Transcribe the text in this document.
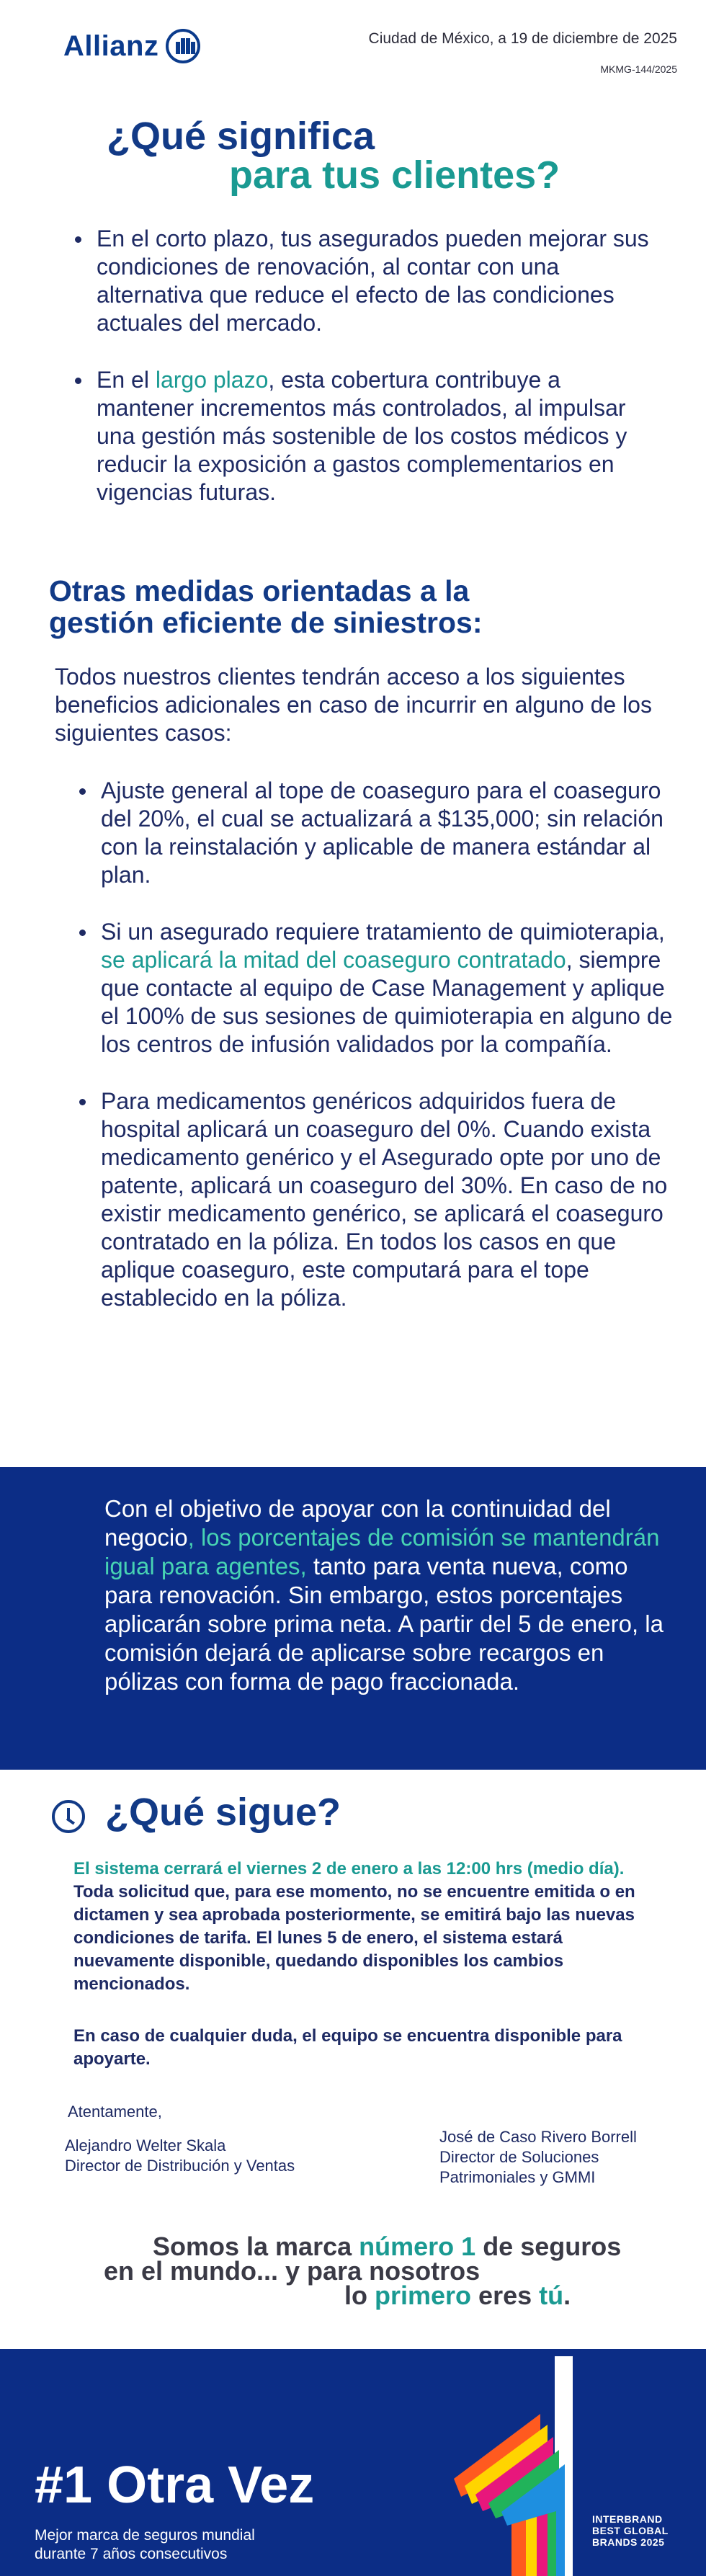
Allianz	Ciudad de México, a 19 de diciembre de 2025
MKMG-144/2025
¿Qué significa
para tus clientes?
En el corto plazo, tus asegurados pueden mejorar sus condiciones de renovación, al contar con una alternativa que reduce el efecto de las condiciones actuales del mercado.
En el largo plazo, esta cobertura contribuye a mantener incrementos más controlados, al impulsar una gestión más sostenible de los costos médicos y reducir la exposición a gastos complementarios en vigencias futuras.
Otras medidas orientadas a la gestión eficiente de siniestros:
Todos nuestros clientes tendrán acceso a los siguientes beneficios adicionales en caso de incurrir en alguno de los siguientes casos:
Ajuste general al tope de coaseguro para el coaseguro del 20%, el cual se actualizará a $135,000; sin relación con la reinstalación y aplicable de manera estándar al plan.
Si un asegurado requiere tratamiento de quimioterapia, se aplicará la mitad del coaseguro contratado, siempre que contacte al equipo de Case Management y aplique el 100% de sus sesiones de quimioterapia en alguno de los centros de infusión validados por la compañía.
Para medicamentos genéricos adquiridos fuera de hospital aplicará un coaseguro del 0%. Cuando exista medicamento genérico y el Asegurado opte por uno de patente, aplicará un coaseguro del 30%. En caso de no existir medicamento genérico, se aplicará el coaseguro contratado en la póliza. En todos los casos en que aplique coaseguro, este computará para el tope establecido en la póliza.
Con el objetivo de apoyar con la continuidad del negocio, los porcentajes de comisión se mantendrán igual para agentes, tanto para venta nueva, como para renovación. Sin embargo, estos porcentajes aplicarán sobre prima neta. A partir del 5 de enero, la comisión dejará de aplicarse sobre recargos en pólizas con forma de pago fraccionada.
¿Qué sigue?
El sistema cerrará el viernes 2 de enero a las 12:00 hrs (medio día). Toda solicitud que, para ese momento, no se encuentre emitida o en dictamen y sea aprobada posteriormente, se emitirá bajo las nuevas condiciones de tarifa. El lunes 5 de enero, el sistema estará nuevamente disponible, quedando disponibles los cambios mencionados.
En caso de cualquier duda, el equipo se encuentra disponible para apoyarte.
Atentamente,
Alejandro Welter Skala
Director de Distribución y Ventas
José de Caso Rivero Borrell
Director de Soluciones
Patrimoniales y GMMI
Somos la marca número 1 de seguros
en el mundo... y para nosotros
lo primero eres tú.
#1 Otra Vez
Mejor marca de seguros mundial
durante 7 años consecutivos
INTERBRAND
BEST GLOBAL
BRANDS 2025
